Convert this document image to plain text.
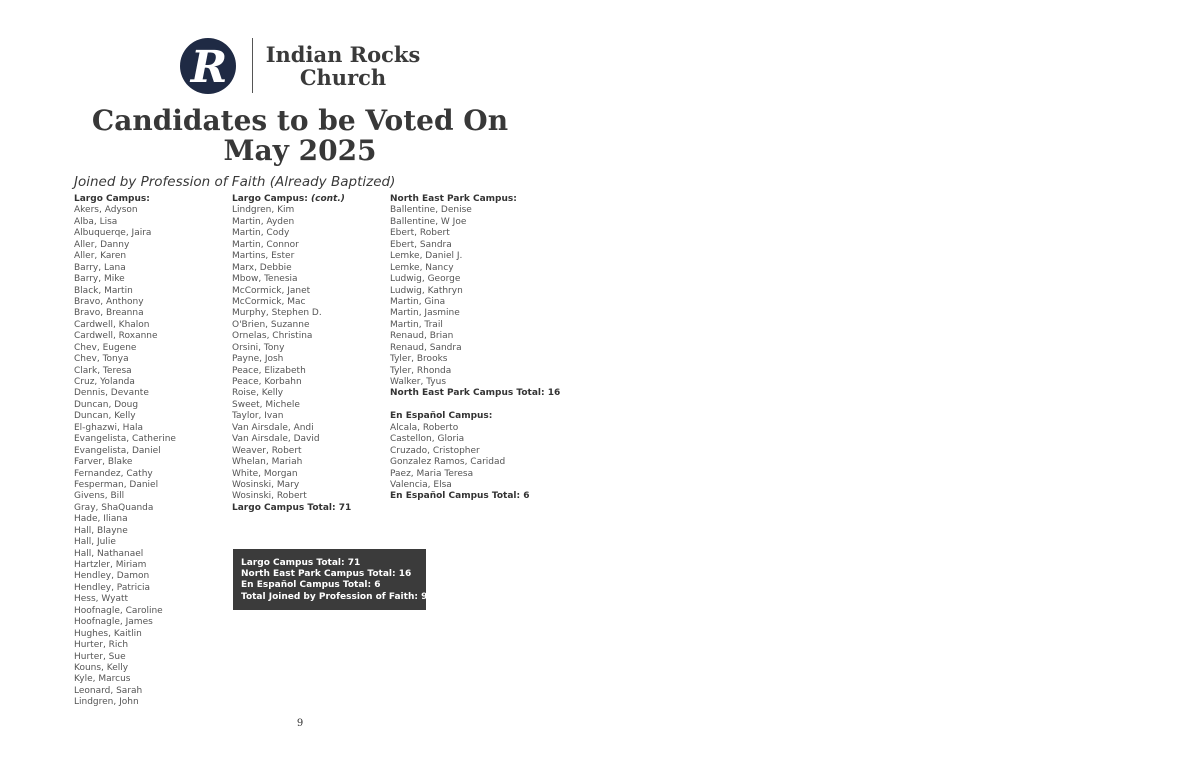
R	Indian Rocks
Church
Candidates to be Voted On
May 2025
Joined by Profession of Faith (Already Baptized)
Largo Campus:
Akers, Adyson
Alba, Lisa
Albuquerqe, Jaira
Aller, Danny
Aller, Karen
Barry, Lana
Barry, Mike
Black, Martin
Bravo, Anthony
Bravo, Breanna
Cardwell, Khalon
Cardwell, Roxanne
Chev, Eugene
Chev, Tonya
Clark, Teresa
Cruz, Yolanda
Dennis, Devante
Duncan, Doug
Duncan, Kelly
El-ghazwi, Hala
Evangelista, Catherine
Evangelista, Daniel
Farver, Blake
Fernandez, Cathy
Fesperman, Daniel
Givens, Bill
Gray, ShaQuanda
Hade, Iliana
Hall, Blayne
Hall, Julie
Hall, Nathanael
Hartzler, Miriam
Hendley, Damon
Hendley, Patricia
Hess, Wyatt
Hoofnagle, Caroline
Hoofnagle, James
Hughes, Kaitlin
Hurter, Rich
Hurter, Sue
Kouns, Kelly
Kyle, Marcus
Leonard, Sarah
Lindgren, John
Largo Campus: (cont.)
Lindgren, Kim
Martin, Ayden
Martin, Cody
Martin, Connor
Martins, Ester
Marx, Debbie
Mbow, Tenesia
McCormick, Janet
McCormick, Mac
Murphy, Stephen D.
O'Brien, Suzanne
Ornelas, Christina
Orsini, Tony
Payne, Josh
Peace, Elizabeth
Peace, Korbahn
Roise, Kelly
Sweet, Michele
Taylor, Ivan
Van Airsdale, Andi
Van Airsdale, David
Weaver, Robert
Whelan, Mariah
White, Morgan
Wosinski, Mary
Wosinski, Robert
Largo Campus Total: 71
North East Park Campus:
Ballentine, Denise
Ballentine, W Joe
Ebert, Robert
Ebert, Sandra
Lemke, Daniel J.
Lemke, Nancy
Ludwig, George
Ludwig, Kathryn
Martin, Gina
Martin, Jasmine
Martin, Trail
Renaud, Brian
Renaud, Sandra
Tyler, Brooks
Tyler, Rhonda
Walker, Tyus
North East Park Campus Total: 16
En Español Campus:
Alcala, Roberto
Castellon, Gloria
Cruzado, Cristopher
Gonzalez Ramos, Caridad
Paez, Maria Teresa
Valencia, Elsa
En Español Campus Total: 6
Largo Campus Total: 71
North East Park Campus Total: 16
En Español Campus Total: 6
Total Joined by Profession of Faith: 93
9
